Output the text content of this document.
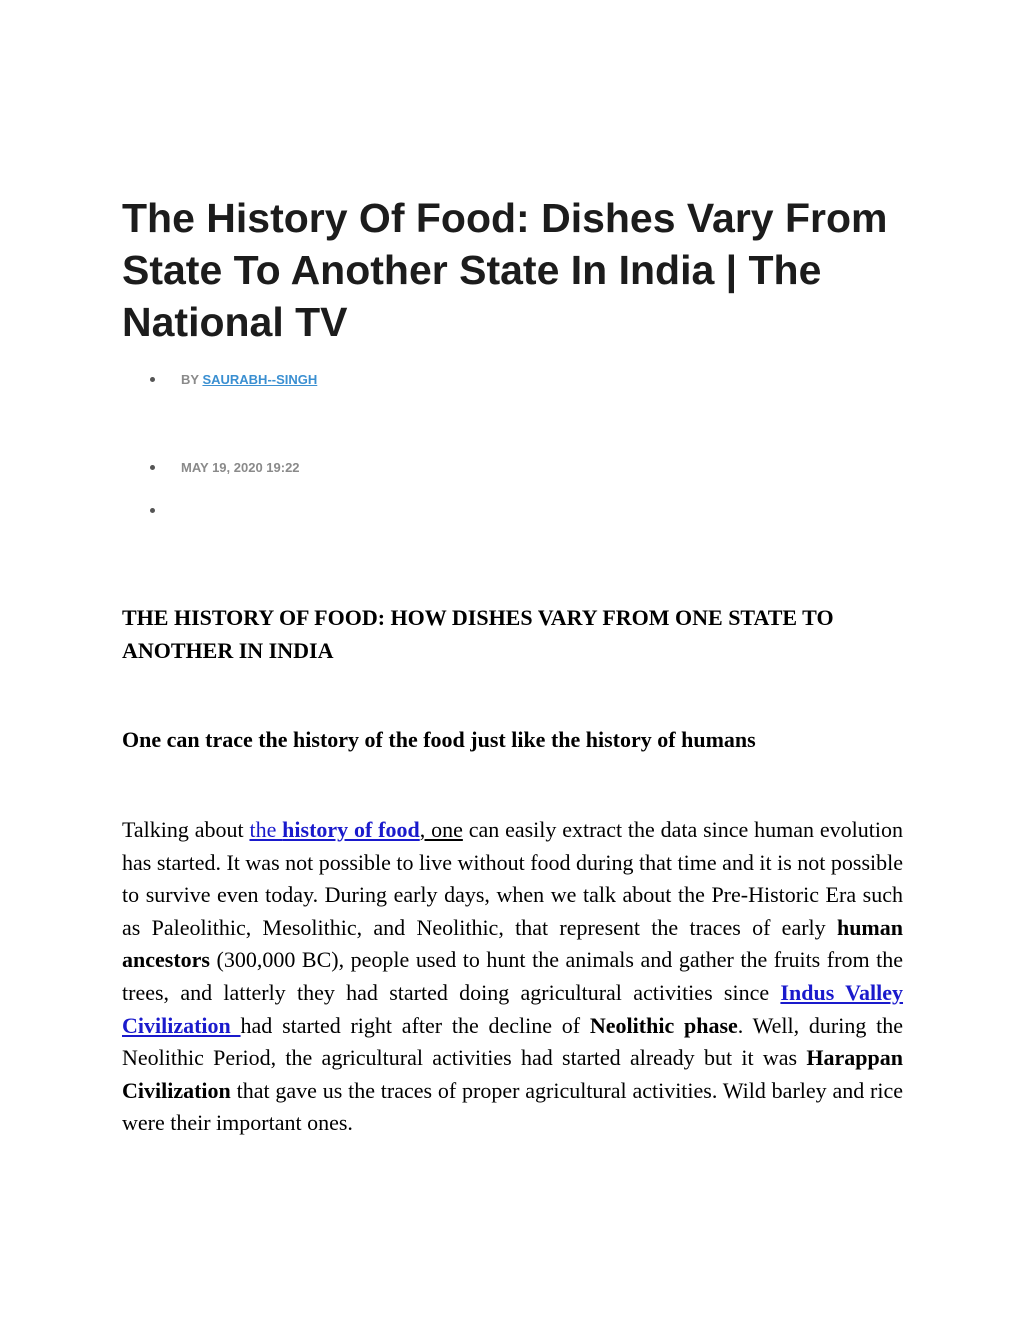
The History Of Food: Dishes Vary From State To Another State In India | The National TV
BY SAURABH--SINGH
MAY 19, 2020 19:22
THE HISTORY OF FOOD: HOW DISHES VARY FROM ONE STATE TO ANOTHER IN INDIA
One can trace the history of the food just like the history of humans

Talking about the history of food, one can easily extract the data since human evolution has started. It was not possible to live without food during that time and it is not possible to survive even today. During early days, when we talk about the Pre-Historic Era such as Paleolithic, Mesolithic, and Neolithic, that represent the traces of early human ancestors (300,000 BC), people used to hunt the animals and gather the fruits from the trees, and latterly they had started doing agricultural activities since Indus Valley Civilization had started right after the decline of Neolithic phase. Well, during the Neolithic Period, the agricultural activities had started already but it was Harappan Civilization that gave us the traces of proper agricultural activities. Wild barley and rice were their important ones.
